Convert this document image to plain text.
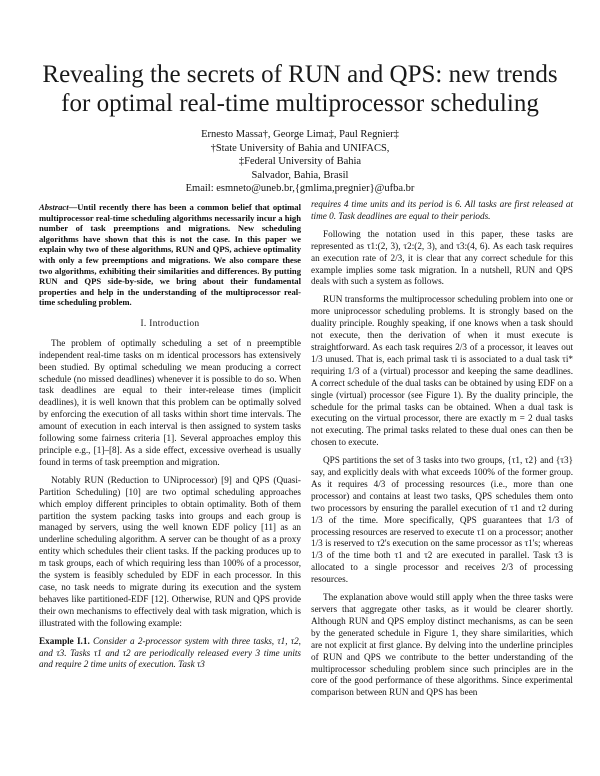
Revealing the secrets of RUN and QPS: new trends
for optimal real-time multiprocessor scheduling
Ernesto Massa†, George Lima‡, Paul Regnier‡
†State University of Bahia and UNIFACS,
‡Federal University of Bahia
Salvador, Bahia, Brasil
Email: esmneto@uneb.br,{gmlima,pregnier}@ufba.br

Abstract—Until recently there has been a common belief that optimal multiprocessor real-time scheduling algorithms necessarily incur a high number of task preemptions and migrations. New scheduling algorithms have shown that this is not the case. In this paper we explain why two of these algorithms, RUN and QPS, achieve optimality with only a few preemptions and migrations. We also compare these two algorithms, exhibiting their similarities and differences. By putting RUN and QPS side-by-side, we bring about their fundamental properties and help in the understanding of the multiprocessor real-time scheduling problem.

I. Introduction

The problem of optimally scheduling a set of n preemptible independent real-time tasks on m identical processors has extensively been studied. By optimal scheduling we mean producing a correct schedule (no missed deadlines) whenever it is possible to do so. When task deadlines are equal to their inter-release times (implicit deadlines), it is well known that this problem can be optimally solved by enforcing the execution of all tasks within short time intervals. The amount of execution in each interval is then assigned to system tasks following some fairness criteria [1]. Several approaches employ this principle e.g., [1]–[8]. As a side effect, excessive overhead is usually found in terms of task preemption and migration.

Notably RUN (Reduction to UNiprocessor) [9] and QPS (Quasi-Partition Scheduling) [10] are two optimal scheduling approaches which employ different principles to obtain optimality. Both of them partition the system packing tasks into groups and each group is managed by servers, using the well known EDF policy [11] as an underline scheduling algorithm. A server can be thought of as a proxy entity which schedules their client tasks. If the packing produces up to m task groups, each of which requiring less than 100% of a processor, the system is feasibly scheduled by EDF in each processor. In this case, no task needs to migrate during its execution and the system behaves like partitioned-EDF [12]. Otherwise, RUN and QPS provide their own mechanisms to effectively deal with task migration, which is illustrated with the following example:

Example I.1. Consider a 2-processor system with three tasks, τ1, τ2, and τ3. Tasks τ1 and τ2 are periodically released every 3 time units and require 2 time units of execution. Task τ3

requires 4 time units and its period is 6. All tasks are first released at time 0. Task deadlines are equal to their periods.

Following the notation used in this paper, these tasks are represented as τ1:(2, 3), τ2:(2, 3), and τ3:(4, 6). As each task requires an execution rate of 2/3, it is clear that any correct schedule for this example implies some task migration. In a nutshell, RUN and QPS deals with such a system as follows.

RUN transforms the multiprocessor scheduling problem into one or more uniprocessor scheduling problems. It is strongly based on the duality principle. Roughly speaking, if one knows when a task should not execute, then the derivation of when it must execute is straightforward. As each task requires 2/3 of a processor, it leaves out 1/3 unused. That is, each primal task τi is associated to a dual task τi* requiring 1/3 of a (virtual) processor and keeping the same deadlines. A correct schedule of the dual tasks can be obtained by using EDF on a single (virtual) processor (see Figure 1). By the duality principle, the schedule for the primal tasks can be obtained. When a dual task is executing on the virtual processor, there are exactly m = 2 dual tasks not executing. The primal tasks related to these dual ones can then be chosen to execute.

QPS partitions the set of 3 tasks into two groups, {τ1, τ2} and {τ3} say, and explicitly deals with what exceeds 100% of the former group. As it requires 4/3 of processing resources (i.e., more than one processor) and contains at least two tasks, QPS schedules them onto two processors by ensuring the parallel execution of τ1 and τ2 during 1/3 of the time. More specifically, QPS guarantees that 1/3 of processing resources are reserved to execute τ1 on a processor; another 1/3 is reserved to τ2's execution on the same processor as τ1's; whereas 1/3 of the time both τ1 and τ2 are executed in parallel. Task τ3 is allocated to a single processor and receives 2/3 of processing resources.

The explanation above would still apply when the three tasks were servers that aggregate other tasks, as it would be clearer shortly. Although RUN and QPS employ distinct mechanisms, as can be seen by the generated schedule in Figure 1, they share similarities, which are not explicit at first glance. By delving into the underline principles of RUN and QPS we contribute to the better understanding of the multiprocessor scheduling problem since such principles are in the core of the good performance of these algorithms. Since experimental comparison between RUN and QPS has been
